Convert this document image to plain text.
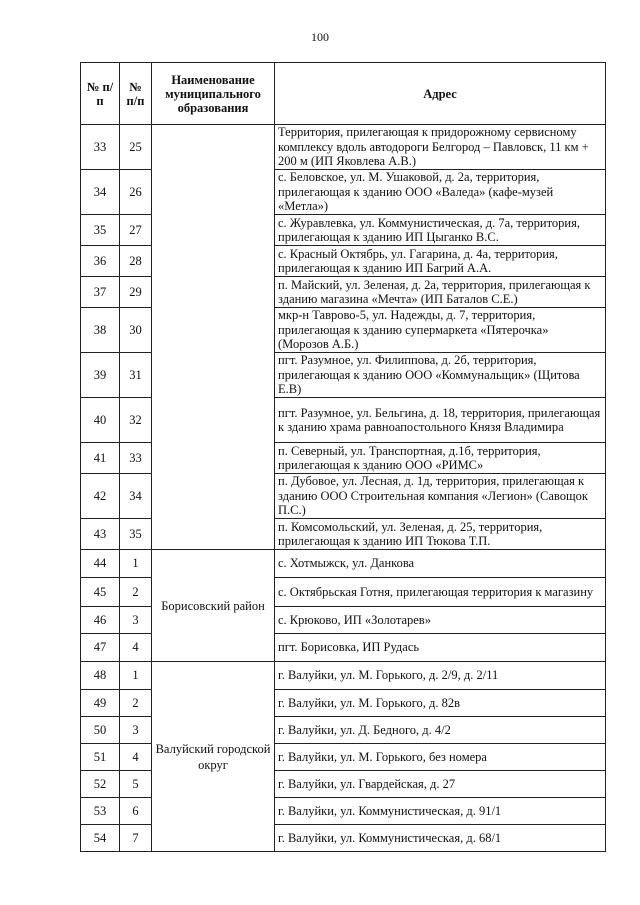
100
№ п/п	№ п/п	Наименование муниципального образования	Адрес
33	25		Территория, прилегающая к придорожному сервисному комплексу вдоль автодороги Белгород – Павловск, 11 км + 200 м (ИП Яковлева А.В.)
34	26		с. Беловское, ул. М. Ушаковой, д. 2а, территория, прилегающая к зданию ООО «Валеда» (кафе-музей «Метла»)
35	27		с. Журавлевка, ул. Коммунистическая, д. 7а, территория, прилегающая к зданию ИП Цыганко В.С.
36	28		с. Красный Октябрь, ул. Гагарина, д. 4а, территория, прилегающая к зданию ИП Багрий А.А.
37	29		п. Майский, ул. Зеленая, д. 2а, территория, прилегающая к зданию магазина «Мечта» (ИП Баталов С.Е.)
38	30		мкр-н Таврово-5, ул. Надежды, д. 7, территория, прилегающая к зданию супермаркета «Пятерочка» (Морозов А.Б.)
39	31		пгт. Разумное, ул. Филиппова, д. 2б, территория, прилегающая к зданию ООО «Коммунальщик» (Щитова Е.В)
40	32		пгт. Разумное, ул. Бельгина, д. 18, территория, прилегающая к зданию храма равноапостольного Князя Владимира
41	33		п. Северный, ул. Транспортная, д.1б, территория, прилегающая к зданию ООО «РИМС»
42	34		п. Дубовое, ул. Лесная, д. 1д, территория, прилегающая к зданию ООО Строительная компания «Легион» (Савощок П.С.)
43	35		п. Комсомольский, ул. Зеленая, д. 25, территория, прилегающая к зданию ИП Тюкова Т.П.
44	1	Борисовский район	с. Хотмыжск, ул. Данкова
45	2		с. Октябрьская Готня, прилегающая территория к магазину
46	3		с. Крюково, ИП «Золотарев»
47	4		пгт. Борисовка, ИП Рудась
48	1	Валуйский городской округ	г. Валуйки, ул. М. Горького, д. 2/9, д. 2/11
49	2		г. Валуйки, ул. М. Горького, д. 82в
50	3		г. Валуйки, ул. Д. Бедного, д. 4/2
51	4		г. Валуйки, ул. М. Горького, без номера
52	5		г. Валуйки, ул. Гвардейская, д. 27
53	6		г. Валуйки, ул. Коммунистическая, д. 91/1
54	7		г. Валуйки, ул. Коммунистическая, д. 68/1
